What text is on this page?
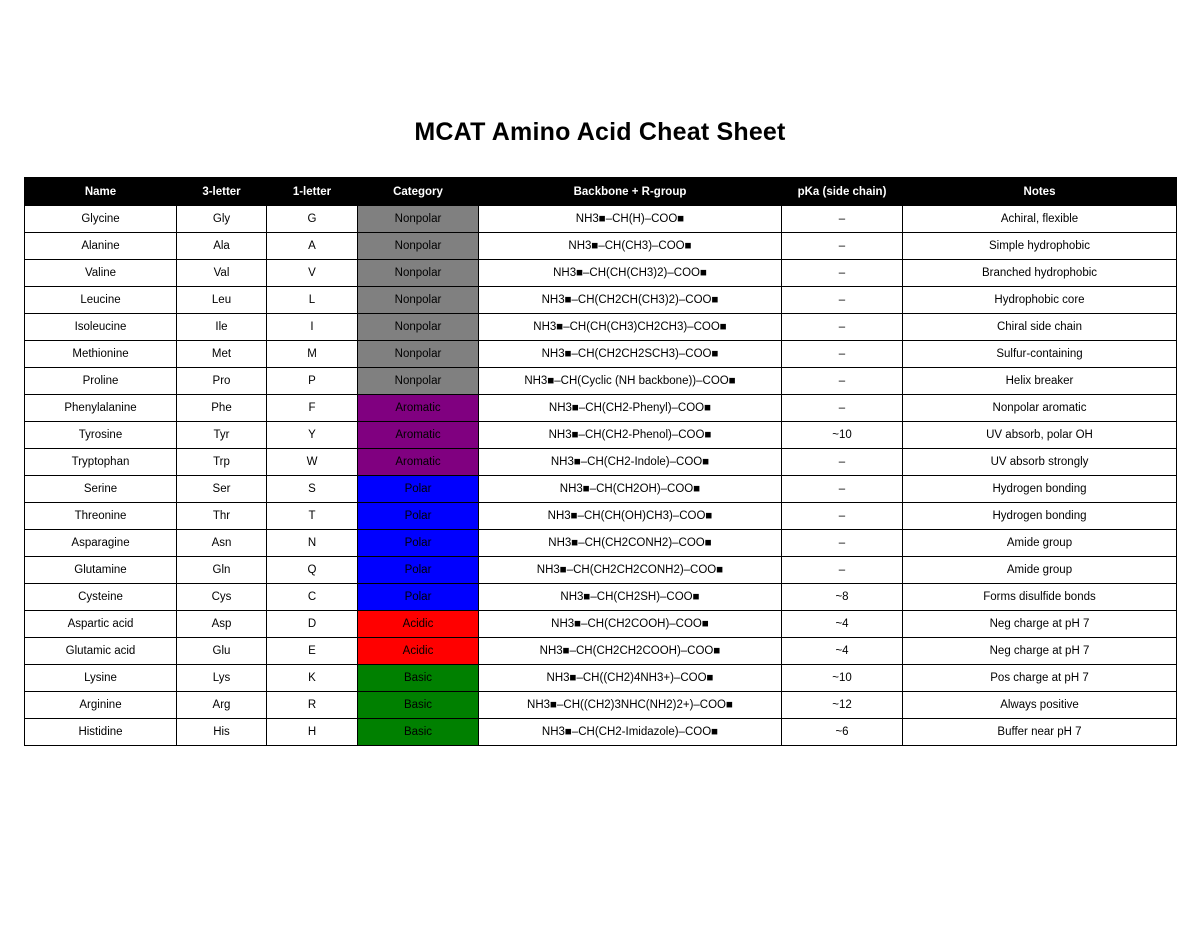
MCAT Amino Acid Cheat Sheet
Name	3-letter	1-letter	Category	Backbone + R-group	pKa (side chain)	Notes
Glycine	Gly	G	Nonpolar	NH3■–CH(H)–COO■	–	Achiral, flexible
Alanine	Ala	A	Nonpolar	NH3■–CH(CH3)–COO■	–	Simple hydrophobic
Valine	Val	V	Nonpolar	NH3■–CH(CH(CH3)2)–COO■	–	Branched hydrophobic
Leucine	Leu	L	Nonpolar	NH3■–CH(CH2CH(CH3)2)–COO■	–	Hydrophobic core
Isoleucine	Ile	I	Nonpolar	NH3■–CH(CH(CH3)CH2CH3)–COO■	–	Chiral side chain
Methionine	Met	M	Nonpolar	NH3■–CH(CH2CH2SCH3)–COO■	–	Sulfur-containing
Proline	Pro	P	Nonpolar	NH3■–CH(Cyclic (NH backbone))–COO■	–	Helix breaker
Phenylalanine	Phe	F	Aromatic	NH3■–CH(CH2-Phenyl)–COO■	–	Nonpolar aromatic
Tyrosine	Tyr	Y	Aromatic	NH3■–CH(CH2-Phenol)–COO■	~10	UV absorb, polar OH
Tryptophan	Trp	W	Aromatic	NH3■–CH(CH2-Indole)–COO■	–	UV absorb strongly
Serine	Ser	S	Polar	NH3■–CH(CH2OH)–COO■	–	Hydrogen bonding
Threonine	Thr	T	Polar	NH3■–CH(CH(OH)CH3)–COO■	–	Hydrogen bonding
Asparagine	Asn	N	Polar	NH3■–CH(CH2CONH2)–COO■	–	Amide group
Glutamine	Gln	Q	Polar	NH3■–CH(CH2CH2CONH2)–COO■	–	Amide group
Cysteine	Cys	C	Polar	NH3■–CH(CH2SH)–COO■	~8	Forms disulfide bonds
Aspartic acid	Asp	D	Acidic	NH3■–CH(CH2COOH)–COO■	~4	Neg charge at pH 7
Glutamic acid	Glu	E	Acidic	NH3■–CH(CH2CH2COOH)–COO■	~4	Neg charge at pH 7
Lysine	Lys	K	Basic	NH3■–CH((CH2)4NH3+)–COO■	~10	Pos charge at pH 7
Arginine	Arg	R	Basic	NH3■–CH((CH2)3NHC(NH2)2+)–COO■	~12	Always positive
Histidine	His	H	Basic	NH3■–CH(CH2-Imidazole)–COO■	~6	Buffer near pH 7
